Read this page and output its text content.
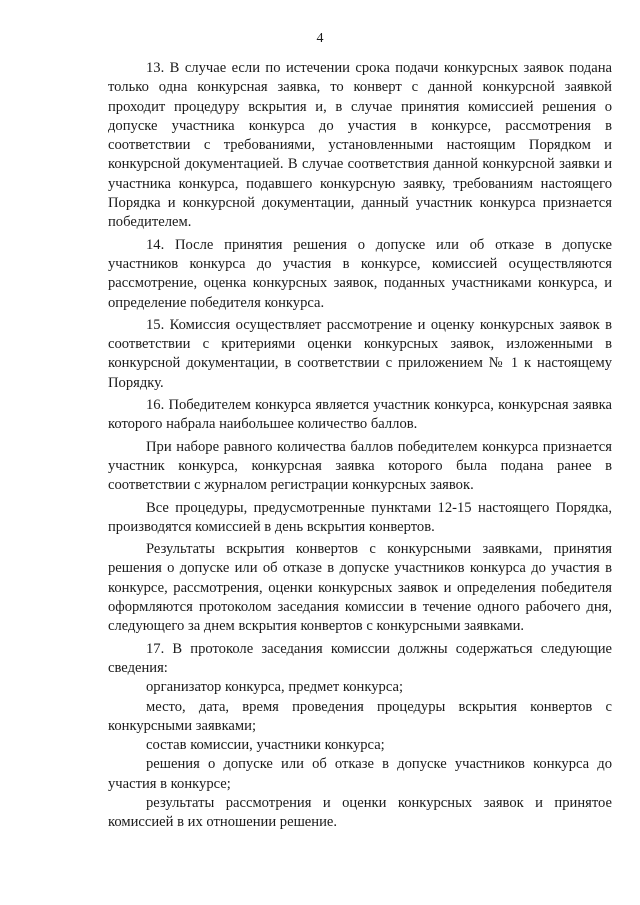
4

13. В случае если по истечении срока подачи конкурсных заявок подана только одна конкурсная заявка, то конверт с данной конкурсной заявкой проходит процедуру вскрытия и, в случае принятия комиссией решения о допуске участника конкурса до участия в конкурсе, рассмотрения в соответствии с требованиями, установленными настоящим Порядком и конкурсной документацией. В случае соответствия данной конкурсной заявки и участника конкурса, подавшего конкурсную заявку, требованиям настоящего Порядка и конкурсной документации, данный участник конкурса признается победителем.

14. После принятия решения о допуске или об отказе в допуске участников конкурса до участия в конкурсе, комиссией осуществляются рассмотрение, оценка конкурсных заявок, поданных участниками конкурса, и определение победителя конкурса.

15. Комиссия осуществляет рассмотрение и оценку конкурсных заявок в соответствии с критериями оценки конкурсных заявок, изложенными в конкурсной документации, в соответствии с приложением № 1 к настоящему Порядку.

16. Победителем конкурса является участник конкурса, конкурсная заявка которого набрала наибольшее количество баллов.

При наборе равного количества баллов победителем конкурса признается участник конкурса, конкурсная заявка которого была подана ранее в соответствии с журналом регистрации конкурсных заявок.

Все процедуры, предусмотренные пунктами 12-15 настоящего Порядка, производятся комиссией в день вскрытия конвертов.

Результаты вскрытия конвертов с конкурсными заявками, принятия решения о допуске или об отказе в допуске участников конкурса до участия в конкурсе, рассмотрения, оценки конкурсных заявок и определения победителя оформляются протоколом заседания комиссии в течение одного рабочего дня, следующего за днем вскрытия конвертов с конкурсными заявками.

17. В протоколе заседания комиссии должны содержаться следующие сведения:

организатор конкурса, предмет конкурса;

место, дата, время проведения процедуры вскрытия конвертов с конкурсными заявками;

состав комиссии, участники конкурса;

решения о допуске или об отказе в допуске участников конкурса до участия в конкурсе;

результаты рассмотрения и оценки конкурсных заявок и принятое комиссией в их отношении решение.
